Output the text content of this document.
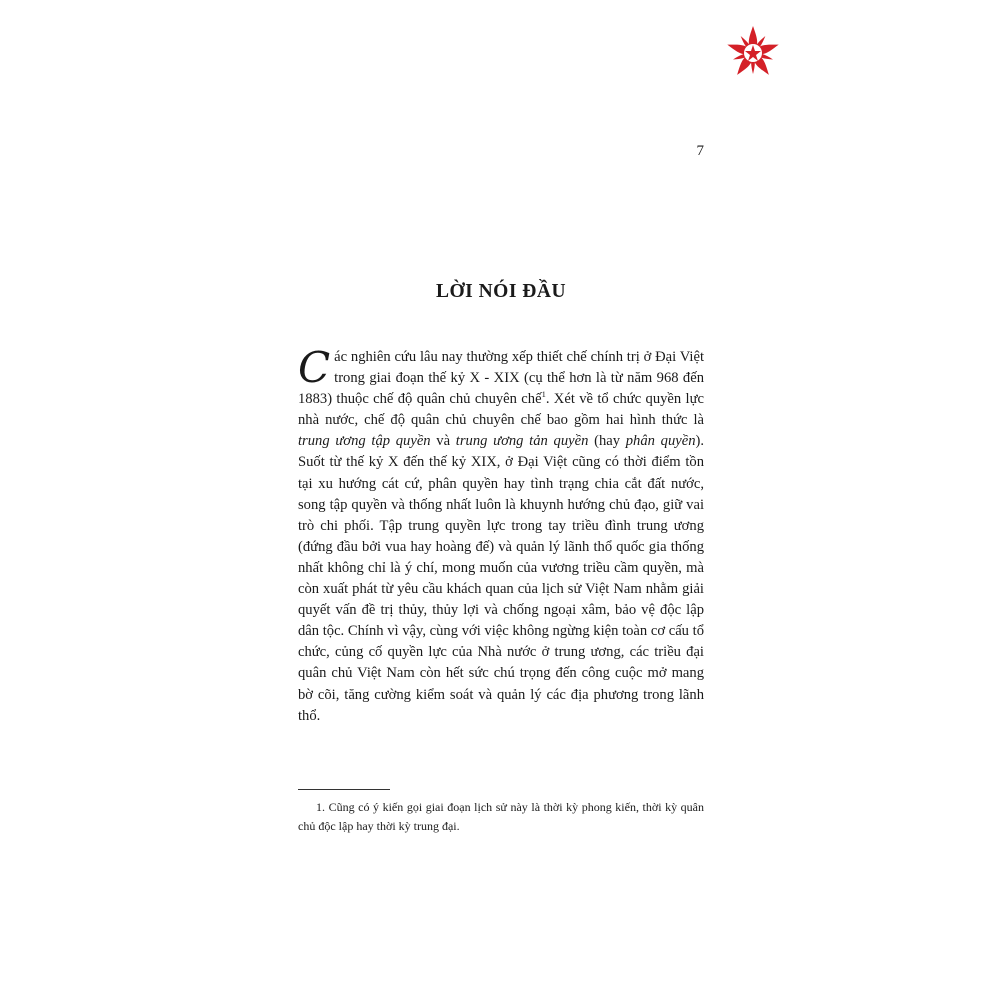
7
LỜI NÓI ĐẦU

Các nghiên cứu lâu nay thường xếp thiết chế chính trị ở Đại Việt trong giai đoạn thế kỷ X - XIX (cụ thể hơn là từ năm 968 đến 1883) thuộc chế độ quân chủ chuyên chế$^1$. Xét về tổ chức quyền lực nhà nước, chế độ quân chủ chuyên chế bao gồm hai hình thức là trung ương tập quyền và trung ương tản quyền (hay phân quyền). Suốt từ thế kỷ X đến thế kỷ XIX, ở Đại Việt cũng có thời điểm tồn tại xu hướng cát cứ, phân quyền hay tình trạng chia cắt đất nước, song tập quyền và thống nhất luôn là khuynh hướng chủ đạo, giữ vai trò chi phối. Tập trung quyền lực trong tay triều đình trung ương (đứng đầu bởi vua hay hoàng đế) và quản lý lãnh thổ quốc gia thống nhất không chỉ là ý chí, mong muốn của vương triều cầm quyền, mà còn xuất phát từ yêu cầu khách quan của lịch sử Việt Nam nhằm giải quyết vấn đề trị thủy, thủy lợi và chống ngoại xâm, bảo vệ độc lập dân tộc. Chính vì vậy, cùng với việc không ngừng kiện toàn cơ cấu tổ chức, củng cố quyền lực của Nhà nước ở trung ương, các triều đại quân chủ Việt Nam còn hết sức chú trọng đến công cuộc mở mang bờ cõi, tăng cường kiểm soát và quản lý các địa phương trong lãnh thổ.

1. Cũng có ý kiến gọi giai đoạn lịch sử này là thời kỳ phong kiến, thời kỳ quân chủ độc lập hay thời kỳ trung đại.
